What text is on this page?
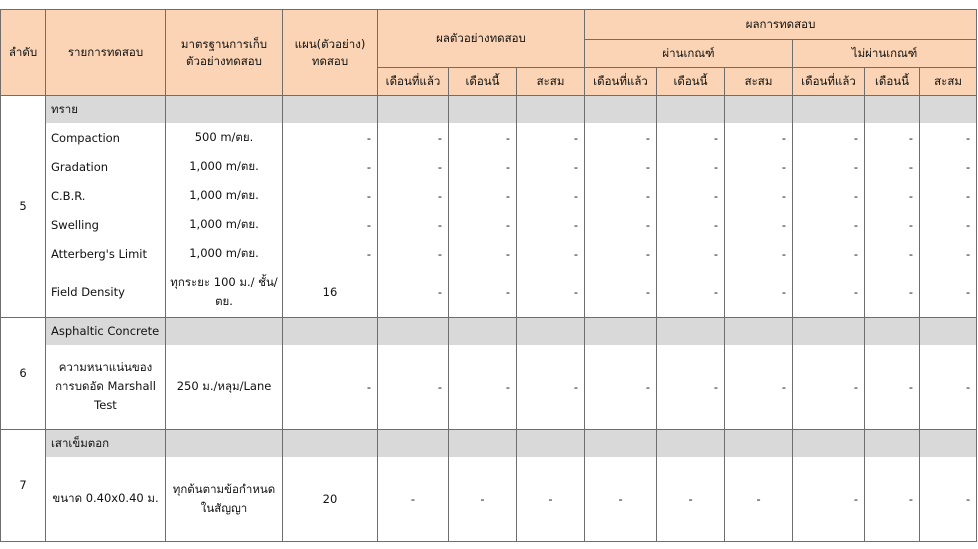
ลำดับ	รายการทดสอบ	มาตรฐานการเก็บ ตัวอย่างทดสอบ	แผน(ตัวอย่าง) ทดสอบ	ผลตัวอย่างทดสอบ			ผลการทดสอบ					
							ผ่านเกณฑ์			ไม่ผ่านเกณฑ์		
				เดือนที่แล้ว	เดือนนี้	สะสม	เดือนที่แล้ว	เดือนนี้	สะสม	เดือนที่แล้ว	เดือนนี้	สะสม
5	ทราย											
	Compaction	500 m/ตย.	-	-	-	-	-	-	-	-	-	-
	Gradation	1,000 m/ตย.	-	-	-	-	-	-	-	-	-	-
	C.B.R.	1,000 m/ตย.	-	-	-	-	-	-	-	-	-	-
	Swelling	1,000 m/ตย.	-	-	-	-	-	-	-	-	-	-
	Atterberg's Limit	1,000 m/ตย.	-	-	-	-	-	-	-	-	-	-
	Field Density	ทุกระยะ 100 ม./ ชั้น/ตย.	16	-	-	-	-	-	-	-	-	-
6	Asphaltic Concrete											
	ความหนาแน่นของ การบดอัด Marshall Test	250 ม./หลุม/Lane	-	-	-	-	-	-	-	-	-	-
7	เสาเข็มตอก											
	ขนาด 0.40x0.40 ม.	ทุกต้นตามข้อกำหนด ในสัญญา	20	-	-	-	-	-	-	-	-	-
